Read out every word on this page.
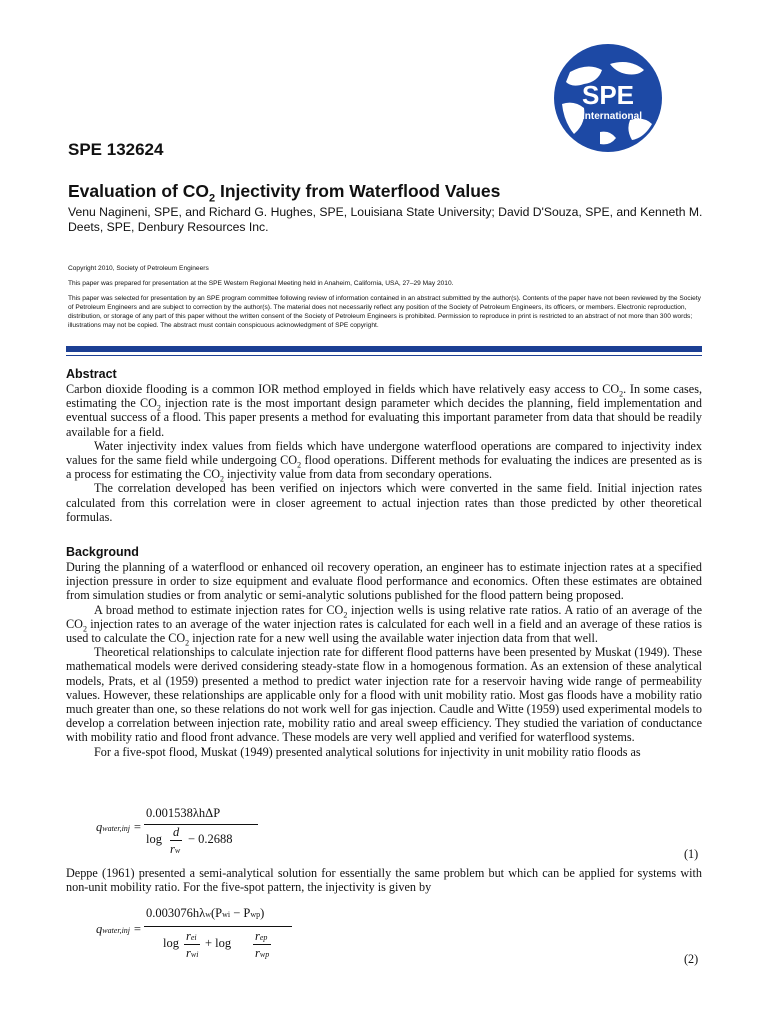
SPE
International
SPE 132624
Evaluation of $CO_2$ Injectivity from Waterflood Values
Venu Nagineni, SPE, and Richard G. Hughes, SPE, Louisiana State University; David D'Souza, SPE, and Kenneth M. Deets, SPE, Denbury Resources Inc.

Copyright 2010, Society of Petroleum Engineers

This paper was prepared for presentation at the SPE Western Regional Meeting held in Anaheim, California, USA, 27–29 May 2010.

This paper was selected for presentation by an SPE program committee following review of information contained in an abstract submitted by the author(s). Contents of the paper have not been reviewed by the Society of Petroleum Engineers and are subject to correction by the author(s). The material does not necessarily reflect any position of the Society of Petroleum Engineers, its officers, or members. Electronic reproduction, distribution, or storage of any part of this paper without the written consent of the Society of Petroleum Engineers is prohibited. Permission to reproduce in print is restricted to an abstract of not more than 300 words; illustrations may not be copied. The abstract must contain conspicuous acknowledgment of SPE copyright.

Abstract

Carbon dioxide flooding is a common IOR method employed in fields which have relatively easy access to $CO_2$. In some cases, estimating the $CO_2$ injection rate is the most important design parameter which decides the planning, field implementation and eventual success of a flood. This paper presents a method for evaluating this important parameter from data that should be readily available for a field.

Water injectivity index values from fields which have undergone waterflood operations are compared to injectivity index values for the same field while undergoing $CO_2$ flood operations. Different methods for evaluating the indices are presented as is a process for estimating the $CO_2$ injectivity value from data from secondary operations.

The correlation developed has been verified on injectors which were converted in the same field. Initial injection rates calculated from this correlation were in closer agreement to actual injection rates than those predicted by other theoretical formulas.

Background

During the planning of a waterflood or enhanced oil recovery operation, an engineer has to estimate injection rates at a specified injection pressure in order to size equipment and evaluate flood performance and economics. Often these estimates are obtained from simulation studies or from analytic or semi-analytic solutions published for the flood pattern being proposed.

A broad method to estimate injection rates for $CO_2$ injection wells is using relative rate ratios. A ratio of an average of the $CO_2$ injection rates to an average of the water injection rates is calculated for each well in a field and an average of these ratios is used to calculate the $CO_2$ injection rate for a new well using the available water injection data from that well.

Theoretical relationships to calculate injection rate for different flood patterns have been presented by Muskat (1949). These mathematical models were derived considering steady-state flow in a homogenous formation. As an extension of these analytical models, Prats, et al (1959) presented a method to predict water injection rate for a reservoir having wide range of permeability values. However, these relationships are applicable only for a flood with unit mobility ratio. Most gas floods have a mobility ratio much greater than one, so these relations do not work well for gas injection. Caudle and Witte (1959) used experimental models to develop a correlation between injection rate, mobility ratio and areal sweep efficiency. They studied the variation of conductance with mobility ratio and flood front advance. These models are very well applied and verified for waterflood systems.

For a five-spot flood, Muskat (1949) presented analytical solutions for injectivity in unit mobility ratio floods as

qwater,inj =
0.001538λhΔP
log d
rw
− 0.2688
(1)

Deppe (1961) presented a semi-analytical solution for essentially the same problem but which can be applied for systems with non-unit mobility ratio. For the five-spot pattern, the injectivity is given by

qwater,inj =
0.003076hλw(Pwi − Pwp)
log rei
rwi
+ log rep
rwp	(2)
